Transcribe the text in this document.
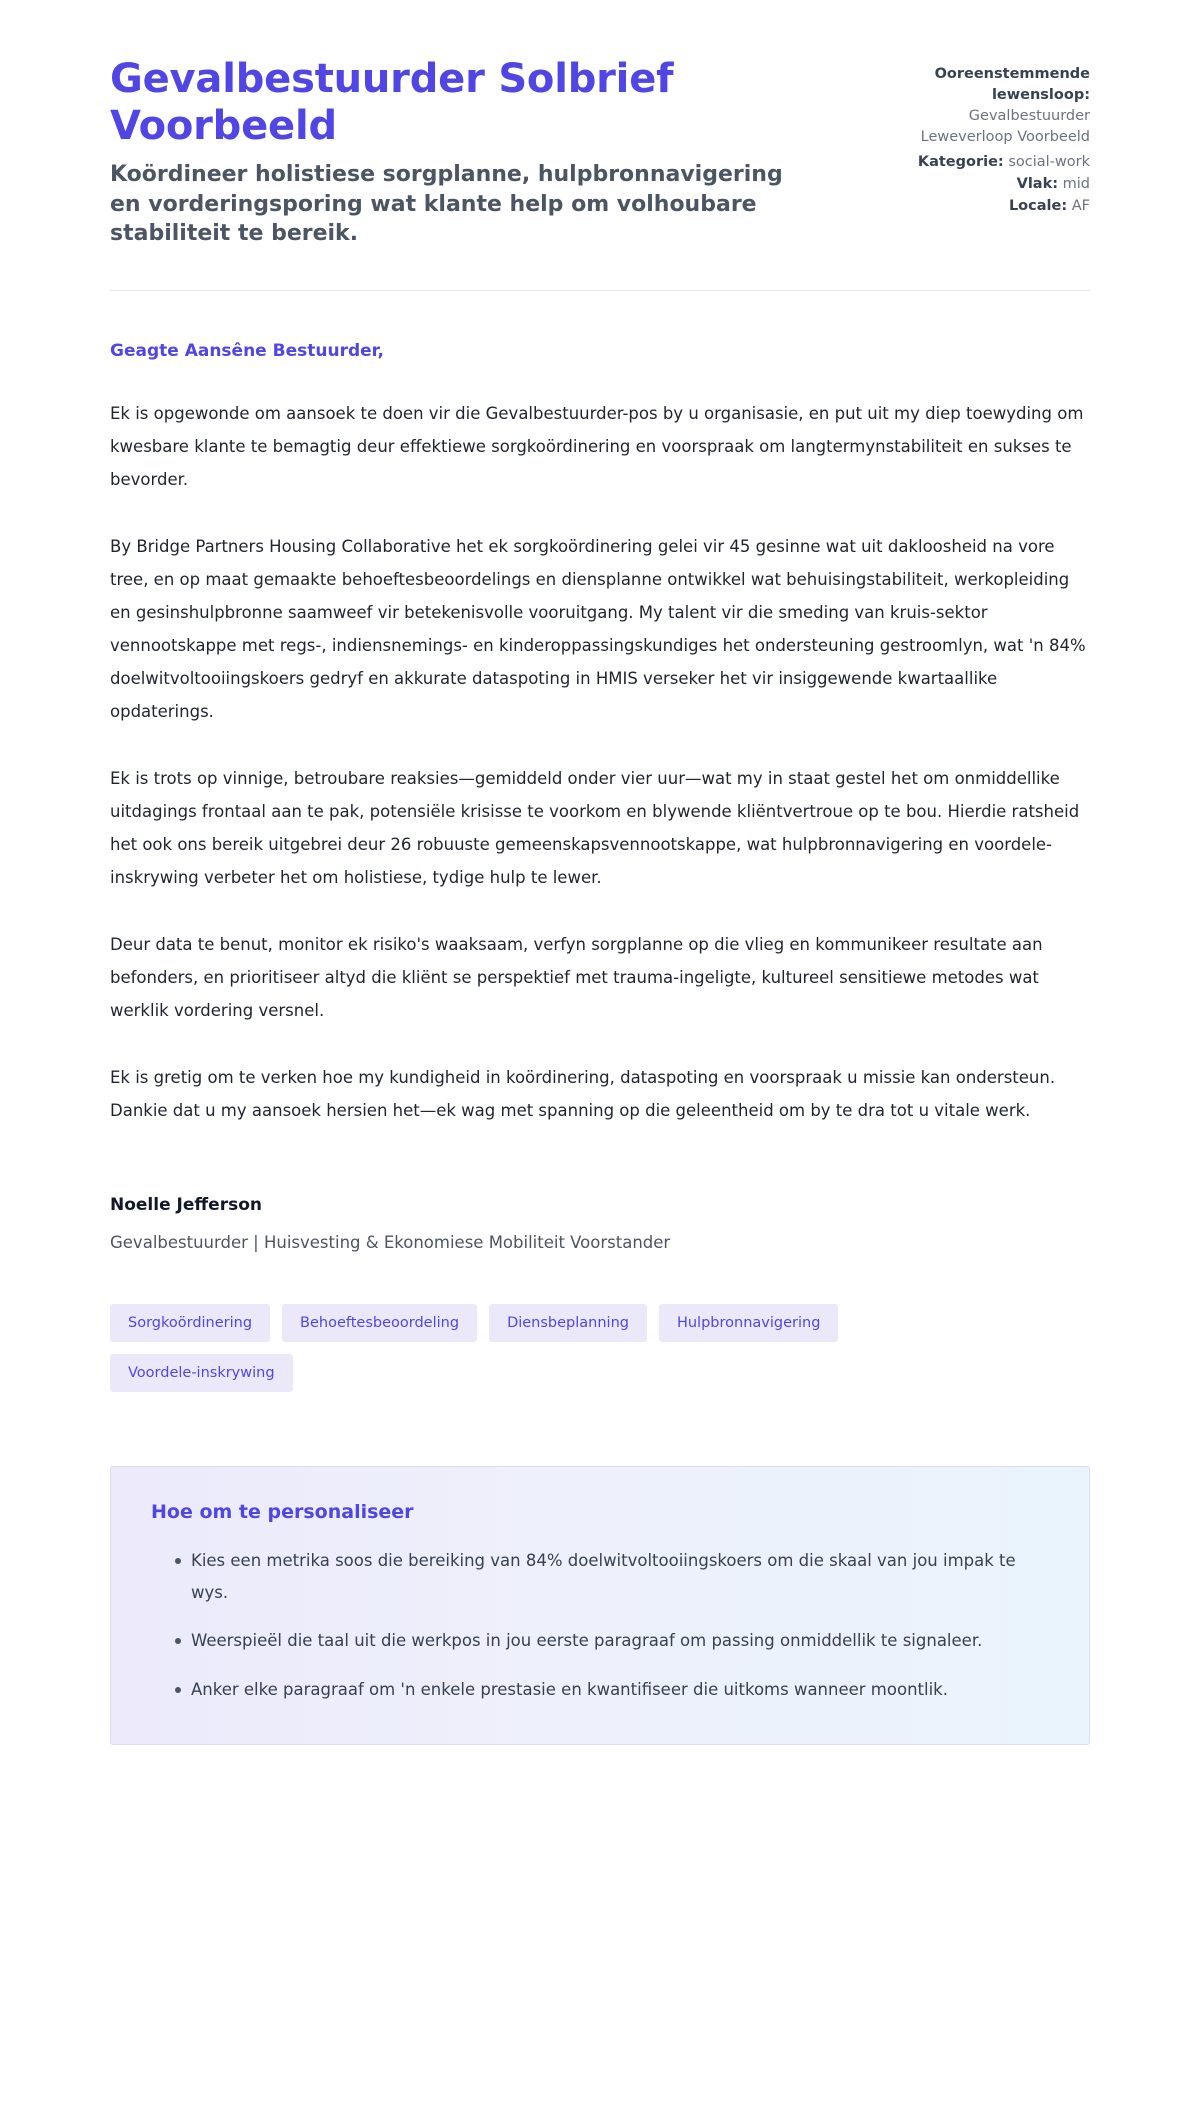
Gevalbestuurder Solbrief Voorbeeld

Koördineer holistiese sorgplanne, hulpbronnavigering en vorderingsporing wat klante help om volhoubare stabiliteit te bereik.

Ooreenstemmende lewensloop:
Gevalbestuurder Leweverloop Voorbeeld
Kategorie: social-work
Vlak: mid
Locale: AF

Geagte Aansêne Bestuurder,

Ek is opgewonde om aansoek te doen vir die Gevalbestuurder-pos by u organisasie, en put uit my diep toewyding om kwesbare klante te bemagtig deur effektiewe sorgkoördinering en voorspraak om langtermynstabiliteit en sukses te bevorder.

By Bridge Partners Housing Collaborative het ek sorgkoördinering gelei vir 45 gesinne wat uit dakloosheid na vore tree, en op maat gemaakte behoeftesbeoordelings en diensplanne ontwikkel wat behuisingstabiliteit, werkopleiding en gesinshulpbronne saamweef vir betekenisvolle vooruitgang. My talent vir die smeding van kruis-sektor vennootskappe met regs-, indiensnemings- en kinderoppassingskundiges het ondersteuning gestroomlyn, wat 'n 84% doelwitvoltooiingskoers gedryf en akkurate dataspoting in HMIS verseker het vir insiggewende kwartaallike opdaterings.

Ek is trots op vinnige, betroubare reaksies—gemiddeld onder vier uur—wat my in staat gestel het om onmiddellike uitdagings frontaal aan te pak, potensiële krisisse te voorkom en blywende kliëntvertroue op te bou. Hierdie ratsheid het ook ons bereik uitgebrei deur 26 robuuste gemeenskapsvennootskappe, wat hulpbronnavigering en voordele-inskrywing verbeter het om holistiese, tydige hulp te lewer.

Deur data te benut, monitor ek risiko's waaksaam, verfyn sorgplanne op die vlieg en kommunikeer resultate aan befonders, en prioritiseer altyd die kliënt se perspektief met trauma-ingeligte, kultureel sensitiewe metodes wat werklik vordering versnel.

Ek is gretig om te verken hoe my kundigheid in koördinering, dataspoting en voorspraak u missie kan ondersteun. Dankie dat u my aansoek hersien het—ek wag met spanning op die geleentheid om by te dra tot u vitale werk.

Noelle Jefferson

Gevalbestuurder | Huisvesting & Ekonomiese Mobiliteit Voorstander

Sorgkoördinering	Behoeftesbeoordeling	Diensbeplanning	Hulpbronnavigering
Voordele-inskrywing
Hoe om te personaliseer
Kies een metrika soos die bereiking van 84% doelwitvoltooiingskoers om die skaal van jou impak te wys.
Weerspieël die taal uit die werkpos in jou eerste paragraaf om passing onmiddellik te signaleer.
Anker elke paragraaf om 'n enkele prestasie en kwantifiseer die uitkoms wanneer moontlik.
